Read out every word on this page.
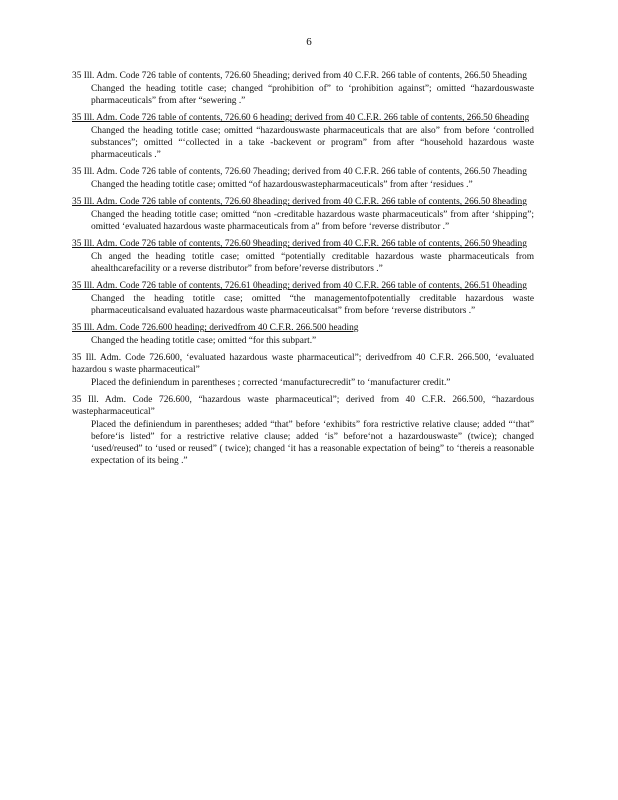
6

35 Ill. Adm. Code 726 table of contents, 726.60 5heading; derived from 40 C.F.R. 266 table of contents, 266.50 5heading

Changed the heading totitle case; changed “prohibition of” to ‘prohibition against”; omitted “hazardouswaste pharmaceuticals” from after “sewering .”

35 Ill. Adm. Code 726 table of contents, 726.60 6 heading; derived from 40 C.F.R. 266 table of contents, 266.50 6heading

Changed the heading totitle case; omitted “hazardouswaste pharmaceuticals that are also” from before ‘controlled substances”; omitted “‘collected in a take -backevent or program” from after “household hazardous waste pharmaceuticals .”

35 Ill. Adm. Code 726 table of contents, 726.60 7heading; derived from 40 C.F.R. 266 table of contents, 266.50 7heading

Changed the heading totitle case; omitted “of hazardouswastepharmaceuticals” from after ‘residues .”

35 Ill. Adm. Code 726 table of contents, 726.60 8heading; derived from 40 C.F.R. 266 table of contents, 266.50 8heading

Changed the heading totitle case; omitted “non -creditable hazardous waste pharmaceuticals” from after ‘shipping”; omitted ‘evaluated hazardous waste pharmaceuticals from a” from before ‘reverse distributor .”

35 Ill. Adm. Code 726 table of contents, 726.60 9heading; derived from 40 C.F.R. 266 table of contents, 266.50 9heading

Ch anged the heading totitle case; omitted “potentially creditable hazardous waste pharmaceuticals from ahealthcarefacility or a reverse distributor” from before’reverse distributors .”

35 Ill. Adm. Code 726 table of contents, 726.61 0heading; derived from 40 C.F.R. 266 table of contents, 266.51 0heading

Changed the heading totitle case; omitted “the managementofpotentially creditable hazardous waste pharmaceuticalsand evaluated hazardous waste pharmaceuticalsat” from before ‘reverse distributors .”

35 Ill. Adm. Code 726.600 heading; derivedfrom 40 C.F.R. 266.500 heading

Changed the heading totitle case; omitted “for this subpart.”

35 Ill. Adm. Code 726.600, ‘evaluated hazardous waste pharmaceutical”; derivedfrom 40 C.F.R. 266.500, ‘evaluated hazardou s waste pharmaceutical”

Placed the definiendum in parentheses ; corrected ‘manufacturecredit” to ‘manufacturer credit.”

35 Ill. Adm. Code 726.600, “hazardous waste pharmaceutical”; derived from 40 C.F.R. 266.500, “hazardous wastepharmaceutical”

Placed the definiendum in parentheses; added “that” before ‘exhibits” fora restrictive relative clause; added “‘that” before‘is listed” for a restrictive relative clause; added ‘is” before‘not a hazardouswaste” (twice); changed ‘used/reused” to ‘used or reused” ( twice); changed ‘it has a reasonable expectation of being” to ‘thereis a reasonable expectation of its being .”
